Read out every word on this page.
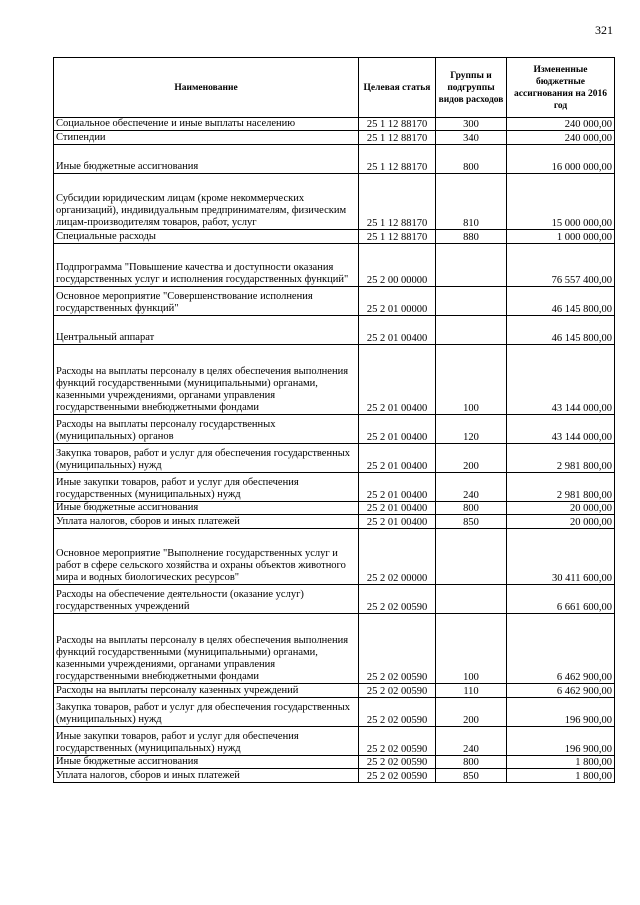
321
Наименование	Целевая статья	Группы и подгруппы видов расходов	Измененные бюджетные ассигнования на 2016 год
Социальное обеспечение и иные выплаты населению	25 1 12 88170	300	240 000,00
Стипендии	25 1 12 88170	340	240 000,00
Иные бюджетные ассигнования	25 1 12 88170	800	16 000 000,00
Субсидии юридическим лицам (кроме некоммерческих организаций), индивидуальным предпринимателям, физическим лицам-производителям товаров, работ, услуг	25 1 12 88170	810	15 000 000,00
Специальные расходы	25 1 12 88170	880	1 000 000,00
Подпрограмма "Повышение качества и доступности оказания государственных услуг и исполнения государственных функций"	25 2 00 00000		76 557 400,00
Основное мероприятие "Совершенствование исполнения государственных функций"	25 2 01 00000		46 145 800,00
Центральный аппарат	25 2 01 00400		46 145 800,00
Расходы на выплаты персоналу в целях обеспечения выполнения функций государственными (муниципальными) органами, казенными учреждениями, органами управления государственными внебюджетными фондами	25 2 01 00400	100	43 144 000,00
Расходы на выплаты персоналу государственных (муниципальных) органов	25 2 01 00400	120	43 144 000,00
Закупка товаров, работ и услуг для обеспечения государственных (муниципальных) нужд	25 2 01 00400	200	2 981 800,00
Иные закупки товаров, работ и услуг для обеспечения государственных (муниципальных) нужд	25 2 01 00400	240	2 981 800,00
Иные бюджетные ассигнования	25 2 01 00400	800	20 000,00
Уплата налогов, сборов и иных платежей	25 2 01 00400	850	20 000,00
Основное мероприятие "Выполнение государственных услуг и работ в сфере сельского хозяйства и охраны объектов животного мира и водных биологических ресурсов"	25 2 02 00000		30 411 600,00
Расходы на обеспечение деятельности (оказание услуг) государственных учреждений	25 2 02 00590		6 661 600,00
Расходы на выплаты персоналу в целях обеспечения выполнения функций государственными (муниципальными) органами, казенными учреждениями, органами управления государственными внебюджетными фондами	25 2 02 00590	100	6 462 900,00
Расходы на выплаты персоналу казенных учреждений	25 2 02 00590	110	6 462 900,00
Закупка товаров, работ и услуг для обеспечения государственных (муниципальных) нужд	25 2 02 00590	200	196 900,00
Иные закупки товаров, работ и услуг для обеспечения государственных (муниципальных) нужд	25 2 02 00590	240	196 900,00
Иные бюджетные ассигнования	25 2 02 00590	800	1 800,00
Уплата налогов, сборов и иных платежей	25 2 02 00590	850	1 800,00
